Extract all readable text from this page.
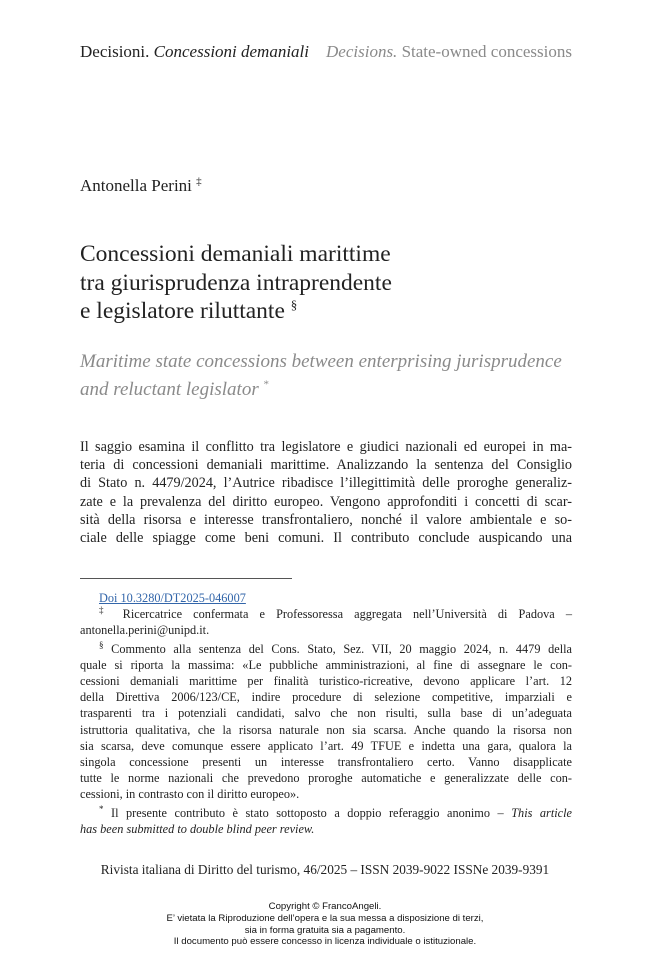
Decisioni. Concessioni demaniali Decisions. State-owned concessions
Antonella Perini ‡
Concessioni demaniali marittime
tra giurisprudenza intraprendente
e legislatore riluttante §
Maritime state concessions between enterprising jurisprudence
and reluctant legislator *
Il saggio esamina il conflitto tra legislatore e giudici nazionali ed europei in ma-
teria di concessioni demaniali marittime. Analizzando la sentenza del Consiglio
di Stato n. 4479/2024, l’Autrice ribadisce l’illegittimità delle proroghe generaliz-
zate e la prevalenza del diritto europeo. Vengono approfonditi i concetti di scar-
sità della risorsa e interesse transfrontaliero, nonché il valore ambientale e so-
ciale delle spiagge come beni comuni. Il contributo conclude auspicando una
Doi 10.3280/DT2025-046007
‡ Ricercatrice confermata e Professoressa aggregata nell’Università di Padova –
antonella.perini@unipd.it.
§ Commento alla sentenza del Cons. Stato, Sez. VII, 20 maggio 2024, n. 4479 della
quale si riporta la massima: «Le pubbliche amministrazioni, al fine di assegnare le con-
cessioni demaniali marittime per finalità turistico-ricreative, devono applicare l’art. 12
della Direttiva 2006/123/CE, indire procedure di selezione competitive, imparziali e
trasparenti tra i potenziali candidati, salvo che non risulti, sulla base di un’adeguata
istruttoria qualitativa, che la risorsa naturale non sia scarsa. Anche quando la risorsa non
sia scarsa, deve comunque essere applicato l’art. 49 TFUE e indetta una gara, qualora la
singola concessione presenti un interesse transfrontaliero certo. Vanno disapplicate
tutte le norme nazionali che prevedono proroghe automatiche e generalizzate delle con-
cessioni, in contrasto con il diritto europeo».
* Il presente contributo è stato sottoposto a doppio referaggio anonimo – This article
has been submitted to double blind peer review.
Rivista italiana di Diritto del turismo, 46/2025 – ISSN 2039-9022 ISSNe 2039-9391
Copyright © FrancoAngeli.
E’ vietata la Riproduzione dell’opera e la sua messa a disposizione di terzi,
sia in forma gratuita sia a pagamento.
Il documento può essere concesso in licenza individuale o istituzionale.
